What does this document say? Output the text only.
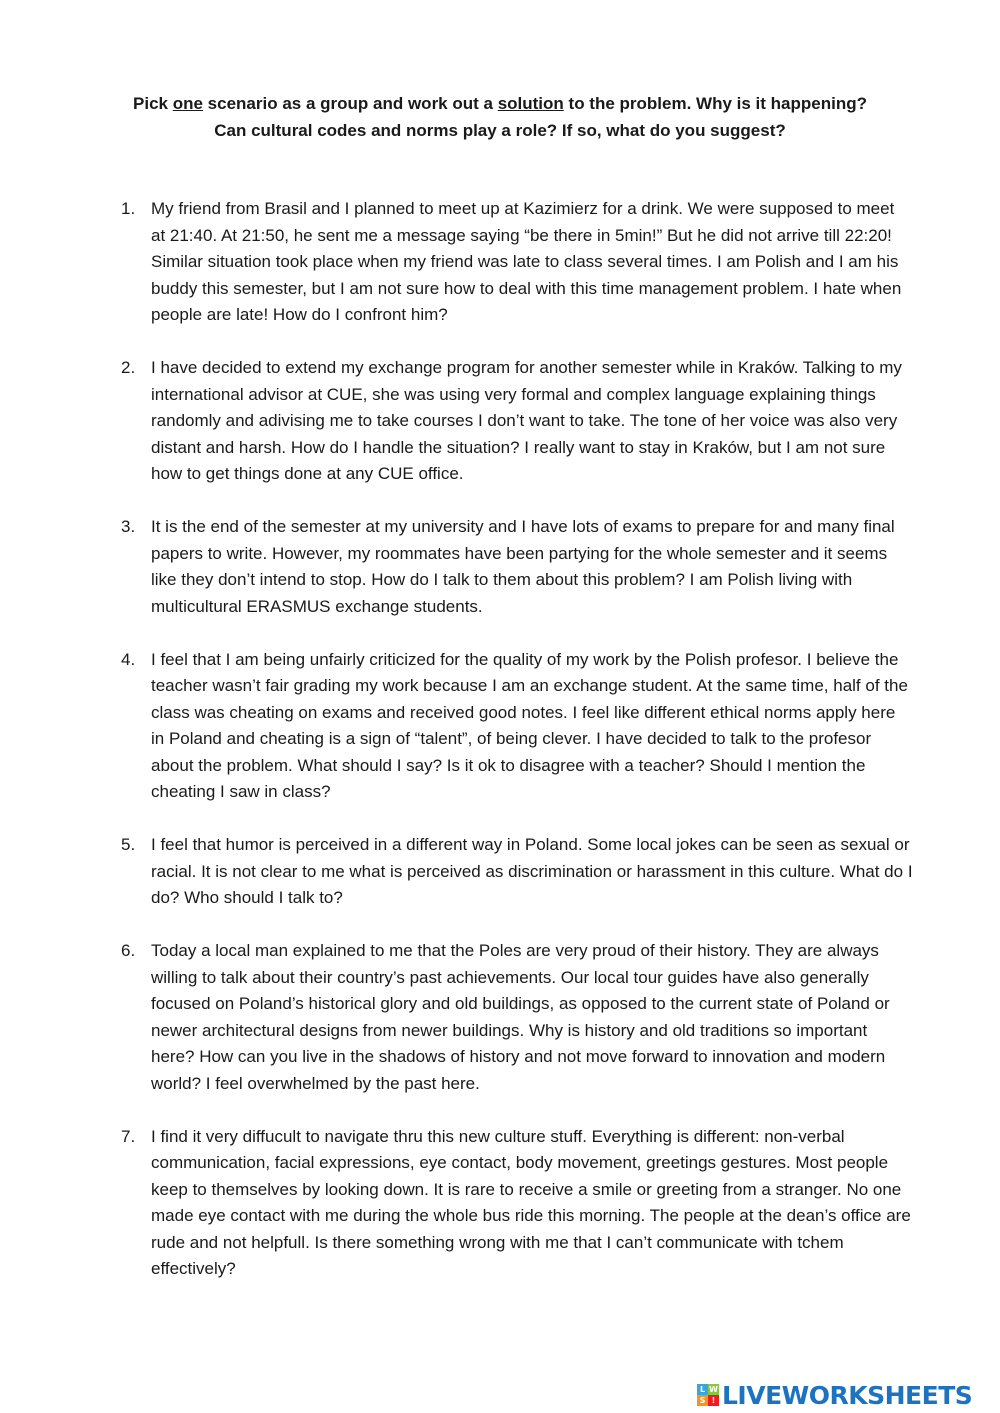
Pick one scenario as a group and work out a solution to the problem. Why is it happening?
Can cultural codes and norms play a role? If so, what do you suggest?
1. My friend from Brasil and I planned to meet up at Kazimierz for a drink. We were supposed to meet at 21:40. At 21:50, he sent me a message saying “be there in 5min!” But he did not arrive till 22:20! Similar situation took place when my friend was late to class several times. I am Polish and I am his buddy this semester, but I am not sure how to deal with this time management problem. I hate when people are late! How do I confront him?
2. I have decided to extend my exchange program for another semester while in Kraków. Talking to my international advisor at CUE, she was using very formal and complex language explaining things randomly and adivising me to take courses I don’t want to take. The tone of her voice was also very distant and harsh. How do I handle the situation? I really want to stay in Kraków, but I am not sure how to get things done at any CUE office.
3. It is the end of the semester at my university and I have lots of exams to prepare for and many final papers to write. However, my roommates have been partying for the whole semester and it seems like they don’t intend to stop. How do I talk to them about this problem? I am Polish living with multicultural ERASMUS exchange students.
4. I feel that I am being unfairly criticized for the quality of my work by the Polish profesor. I believe the teacher wasn’t fair grading my work because I am an exchange student. At the same time, half of the class was cheating on exams and received good notes. I feel like different ethical norms apply here in Poland and cheating is a sign of “talent”, of being clever. I have decided to talk to the profesor about the problem. What should I say? Is it ok to disagree with a teacher? Should I mention the cheating I saw in class?
5. I feel that humor is perceived in a different way in Poland. Some local jokes can be seen as sexual or racial. It is not clear to me what is perceived as discrimination or harassment in this culture. What do I do? Who should I talk to?
6. Today a local man explained to me that the Poles are very proud of their history. They are always willing to talk about their country’s past achievements. Our local tour guides have also generally focused on Poland’s historical glory and old buildings, as opposed to the current state of Poland or newer architectural designs from newer buildings. Why is history and old traditions so important here? How can you live in the shadows of history and not move forward to innovation and modern world? I feel overwhelmed by the past here.
7. I find it very diffucult to navigate thru this new culture stuff. Everything is different: non-verbal communication, facial expressions, eye contact, body movement, greetings gestures. Most people keep to themselves by looking down. It is rare to receive a smile or greeting from a stranger. No one made eye contact with me during the whole bus ride this morning. The people at the dean’s office are rude and not helpfull. Is there something wrong with me that I can’t communicate with tchem effectively?
L W
S ! LIVEWORKSHEETS
